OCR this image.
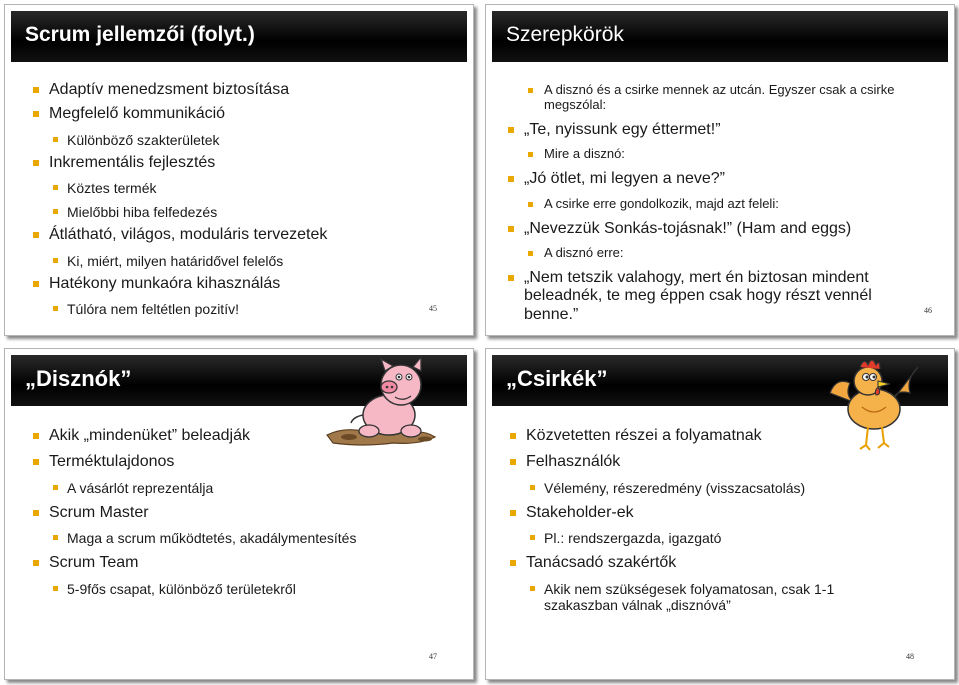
Scrum jellemzői (folyt.)
Adaptív menedzsment biztosítása
Megfelelő kommunikáció
Különböző szakterületek
Inkrementális fejlesztés
Köztes termék
Mielőbbi hiba felfedezés
Átlátható, világos, moduláris tervezetek
Ki, miért, milyen határidővel felelős
Hatékony munkaóra kihasználás
Túlóra nem feltétlen pozitív!	45
Szerepkörök
A disznó és a csirke mennek az utcán. Egyszer csak a csirke megszólal:
„Te, nyissunk egy éttermet!”
Mire a disznó:
„Jó ötlet, mi legyen a neve?”
A csirke erre gondolkozik, majd azt feleli:
„Nevezzük Sonkás-tojásnak!” (Ham and eggs)
A disznó erre:
„Nem tetszik valahogy, mert én biztosan mindent beleadnék, te meg éppen csak hogy részt vennél benne.”	46
„Disznók”
Akik „mindenüket” beleadják
Terméktulajdonos
A vásárlót reprezentálja
Scrum Master
Maga a scrum működtetés, akadálymentesítés
Scrum Team
5-9fős csapat, különböző területekről
47
„Csirkék”
Közvetetten részei a folyamatnak
Felhasználók
Vélemény, részeredmény (visszacsatolás)
Stakeholder-ek
Pl.: rendszergazda, igazgató
Tanácsadó szakértők
Akik nem szükségesek folyamatosan, csak 1-1 szakaszban válnak „disznóvá”
48
